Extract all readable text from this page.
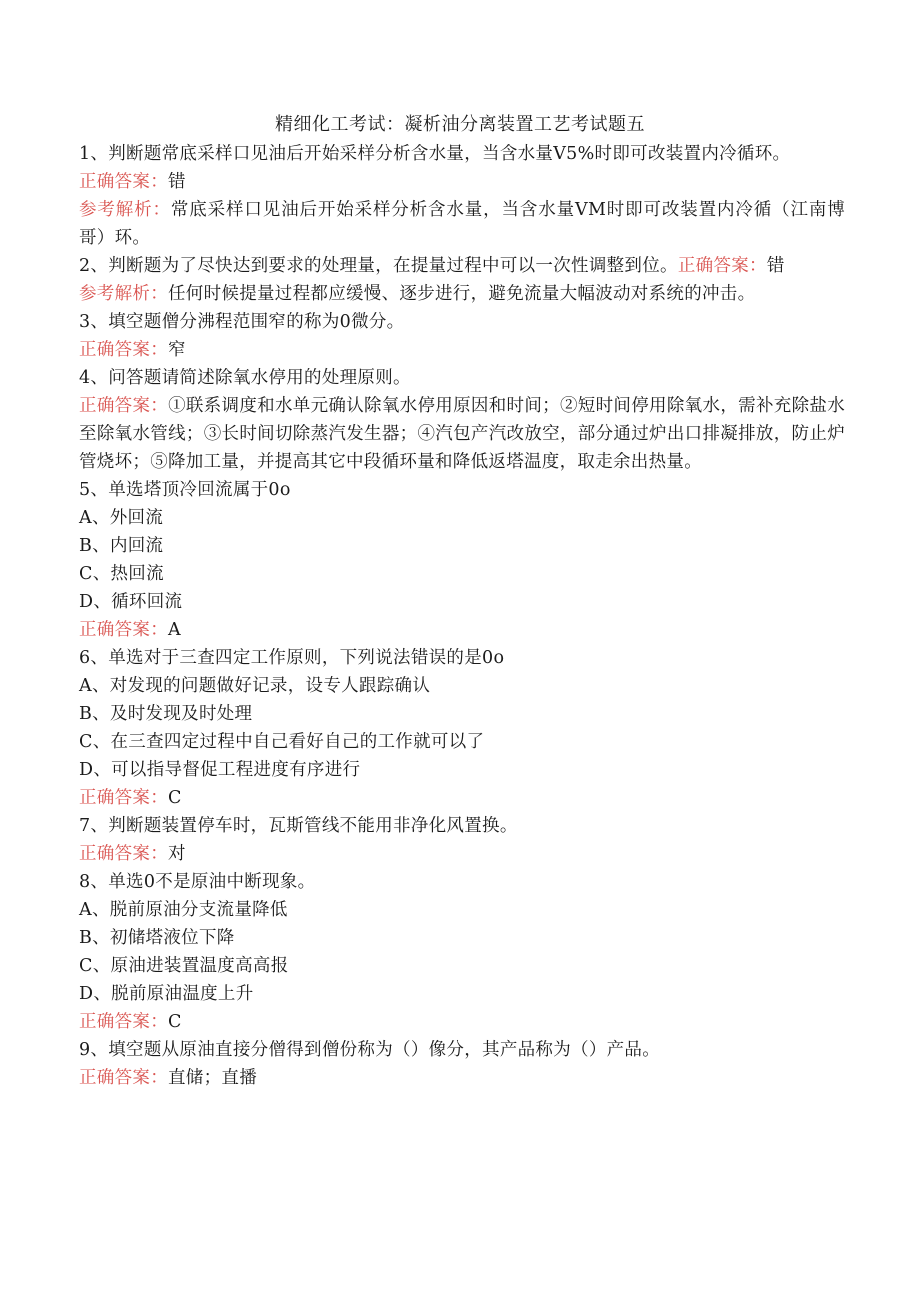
精细化工考试：凝析油分离装置工艺考试题五

1、判断题常底采样口见油后开始采样分析含水量，当含水量V5%时即可改装置内冷循环。

正确答案：错

参考解析：常底采样口见油后开始采样分析含水量，当含水量VM时即可改装置内冷循（江南博哥）环。

2、判断题为了尽快达到要求的处理量，在提量过程中可以一次性调整到位。正确答案：错

参考解析：任何时候提量过程都应缓慢、逐步进行，避免流量大幅波动对系统的冲击。

3、填空题僧分沸程范围窄的称为0微分。

正确答案：窄

4、问答题请简述除氧水停用的处理原则。

正确答案：①联系调度和水单元确认除氧水停用原因和时间；②短时间停用除氧水，需补充除盐水至除氧水管线；③长时间切除蒸汽发生器；④汽包产汽改放空，部分通过炉出口排凝排放，防止炉管烧坏；⑤降加工量，并提高其它中段循环量和降低返塔温度，取走余出热量。

5、单选塔顶冷回流属于0o

A、外回流

B、内回流

C、热回流

D、循环回流

正确答案：A

6、单选对于三查四定工作原则，下列说法错误的是0o

A、对发现的问题做好记录，设专人跟踪确认

B、及时发现及时处理

C、在三查四定过程中自己看好自己的工作就可以了

D、可以指导督促工程进度有序进行

正确答案：C

7、判断题装置停车时，瓦斯管线不能用非净化风置换。

正确答案：对

8、单选0不是原油中断现象。

A、脱前原油分支流量降低

B、初储塔液位下降

C、原油进装置温度高高报

D、脱前原油温度上升

正确答案：C

9、填空题从原油直接分僧得到僧份称为（）像分，其产品称为（）产品。

正确答案：直储；直播
